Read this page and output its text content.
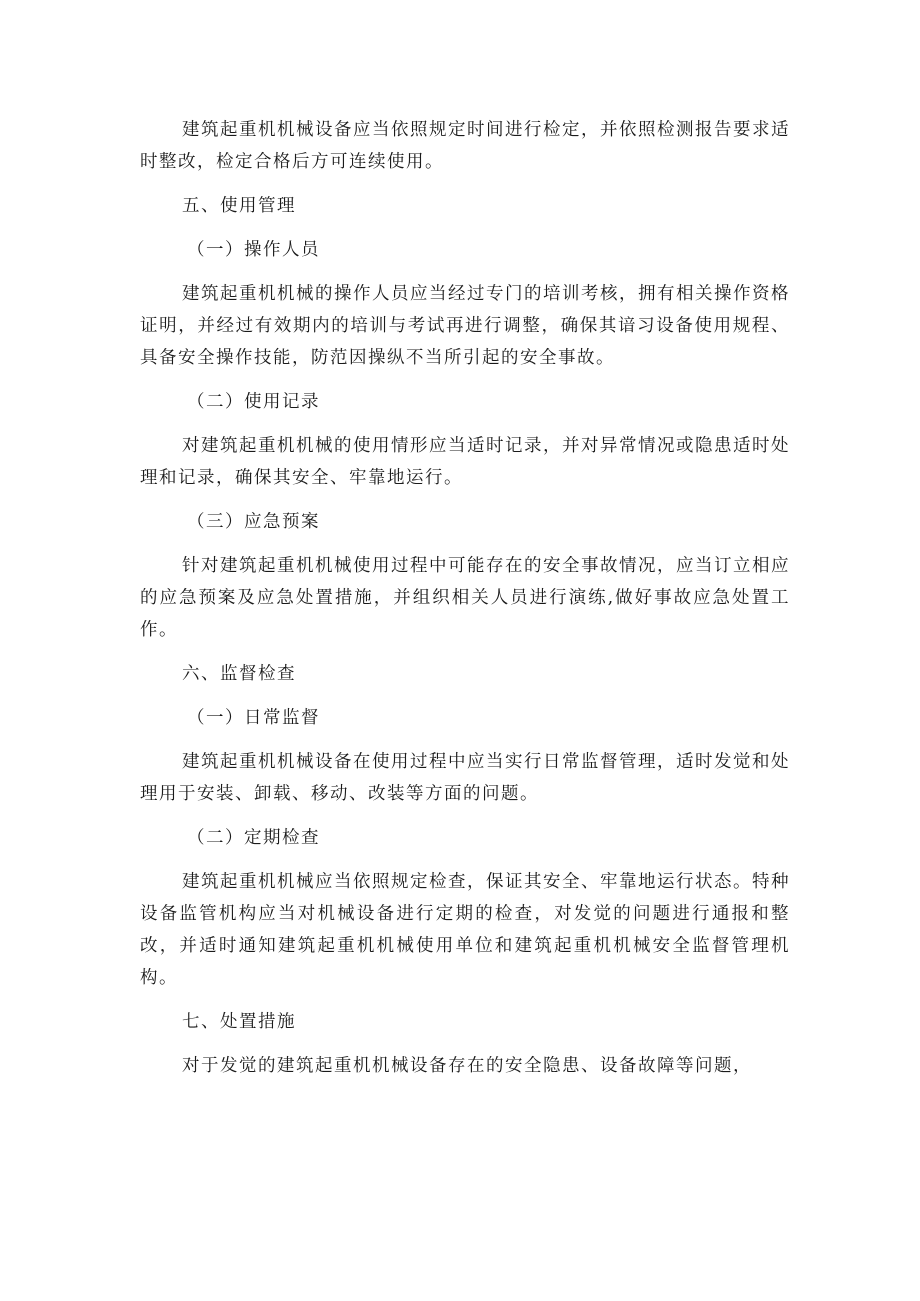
建筑起重机机械设备应当依照规定时间进行检定，并依照检测报告要求适时整改，检定合格后方可连续使用。

五、使用管理

（一）操作人员

建筑起重机机械的操作人员应当经过专门的培训考核，拥有相关操作资格证明，并经过有效期内的培训与考试再进行调整，确保其谙习设备使用规程、具备安全操作技能，防范因操纵不当所引起的安全事故。

（二）使用记录

对建筑起重机机械的使用情形应当适时记录，并对异常情况或隐患适时处理和记录，确保其安全、牢靠地运行。

（三）应急预案

针对建筑起重机机械使用过程中可能存在的安全事故情况，应当订立相应的应急预案及应急处置措施，并组织相关人员进行演练,做好事故应急处置工作。

六、监督检查

（一）日常监督

建筑起重机机械设备在使用过程中应当实行日常监督管理，适时发觉和处理用于安装、卸载、移动、改装等方面的问题。

（二）定期检查

建筑起重机机械应当依照规定检查，保证其安全、牢靠地运行状态。特种设备监管机构应当对机械设备进行定期的检查，对发觉的问题进行通报和整改，并适时通知建筑起重机机械使用单位和建筑起重机机械安全监督管理机构。

七、处置措施

对于发觉的建筑起重机机械设备存在的安全隐患、设备故障等问题，
